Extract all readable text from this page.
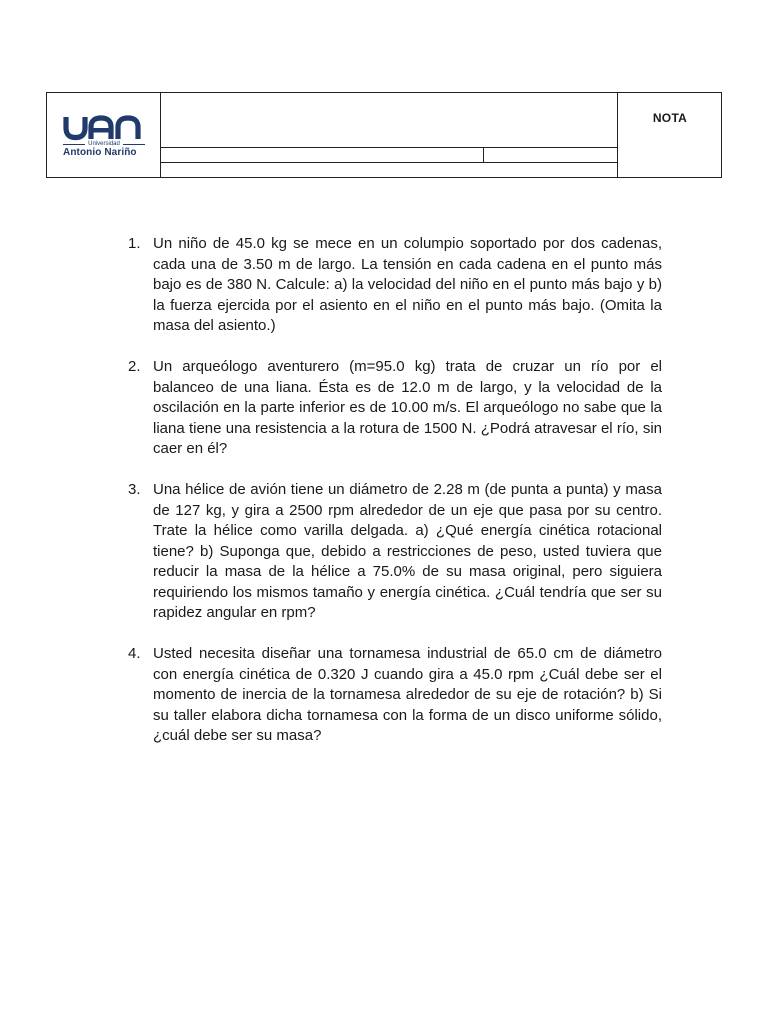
Universidad
Antonio Nariño
NOTA
1. Un niño de 45.0 kg se mece en un columpio soportado por dos cadenas, cada una de 3.50 m de largo. La tensión en cada cadena en el punto más bajo es de 380 N. Calcule: a) la velocidad del niño en el punto más bajo y b) la fuerza ejercida por el asiento en el niño en el punto más bajo. (Omita la masa del asiento.)
2. Un arqueólogo aventurero (m=95.0 kg) trata de cruzar un río por el balanceo de una liana. Ésta es de 12.0 m de largo, y la velocidad de la oscilación en la parte inferior es de 10.00 m/s. El arqueólogo no sabe que la liana tiene una resistencia a la rotura de 1500 N. ¿Podrá atravesar el río, sin caer en él?
3. Una hélice de avión tiene un diámetro de 2.28 m (de punta a punta) y masa de 127 kg, y gira a 2500 rpm alrededor de un eje que pasa por su centro. Trate la hélice como varilla delgada. a) ¿Qué energía cinética rotacional tiene? b) Suponga que, debido a restricciones de peso, usted tuviera que reducir la masa de la hélice a 75.0% de su masa original, pero siguiera requiriendo los mismos tamaño y energía cinética. ¿Cuál tendría que ser su rapidez angular en rpm?
4. Usted necesita diseñar una tornamesa industrial de 65.0 cm de diámetro con energía cinética de 0.320 J cuando gira a 45.0 rpm ¿Cuál debe ser el momento de inercia de la tornamesa alrededor de su eje de rotación? b) Si su taller elabora dicha tornamesa con la forma de un disco uniforme sólido, ¿cuál debe ser su masa?
